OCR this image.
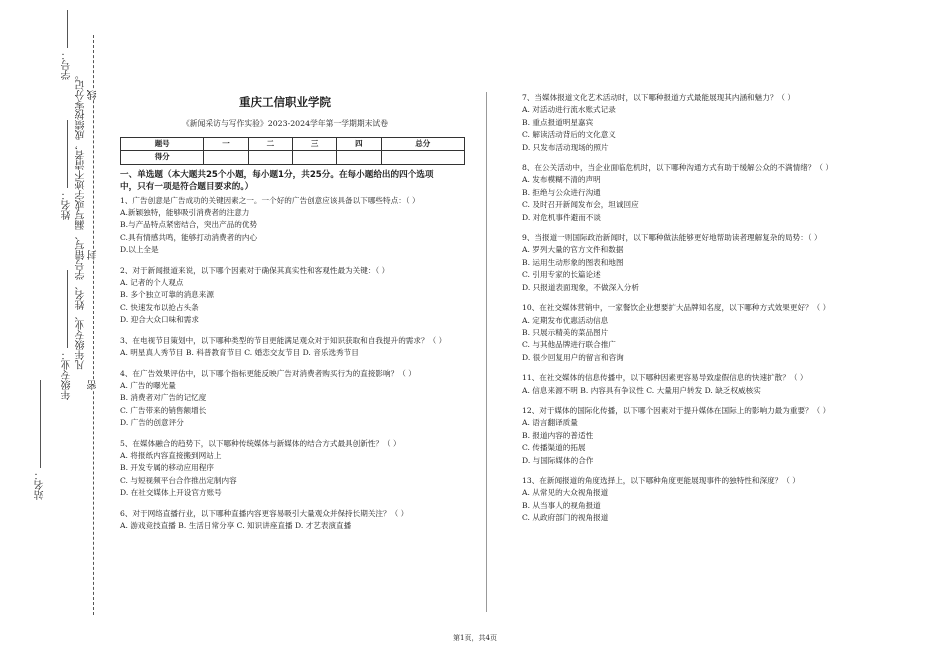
学号：
线
凡年级专业、姓名、学号错写、漏写或字迹不清者，成绩按零分记。 封
姓名：
密
年级专业：
站名：
重庆工信职业学院
《新闻采访与写作实验》2023-2024学年第一学期期末试卷
题号	一	二	三	四	总分
得分					
一、单选题（本大题共25个小题，每小题1分，共25分。在每小题给出的四个选项中，只有一项是符合题目要求的。）
1、广告创意是广告成功的关键因素之一。一个好的广告创意应该具备以下哪些特点：（ ）
A.新颖独特，能够吸引消费者的注意力
B.与产品特点紧密结合，突出产品的优势
C.具有情感共鸣，能够打动消费者的内心
D.以上全是
2、对于新闻报道来说，以下哪个因素对于确保其真实性和客观性最为关键：（ ）
A. 记者的个人观点
B. 多个独立可靠的消息来源
C. 快速发布以抢占头条
D. 迎合大众口味和需求
3、在电视节目策划中，以下哪种类型的节目更能满足观众对于知识获取和自我提升的需求？（ ）
A. 明星真人秀节目 B. 科普教育节目 C. 婚恋交友节目 D. 音乐选秀节目
4、在广告效果评估中，以下哪个指标更能反映广告对消费者购买行为的直接影响？（ ）
A. 广告的曝光量
B. 消费者对广告的记忆度
C. 广告带来的销售额增长
D. 广告的创意评分
5、在媒体融合的趋势下，以下哪种传统媒体与新媒体的结合方式最具创新性？（ ）
A. 将报纸内容直接搬到网站上
B. 开发专属的移动应用程序
C. 与短视频平台合作推出定制内容
D. 在社交媒体上开设官方账号
6、对于网络直播行业，以下哪种直播内容更容易吸引大量观众并保持长期关注？（ ）
A. 游戏竞技直播 B. 生活日常分享 C. 知识讲座直播 D. 才艺表演直播
7、当媒体报道文化艺术活动时，以下哪种报道方式最能展现其内涵和魅力？（ ）
A. 对活动进行流水账式记录
B. 重点报道明星嘉宾
C. 解读活动背后的文化意义
D. 只发布活动现场的照片
8、在公关活动中，当企业面临危机时，以下哪种沟通方式有助于缓解公众的不满情绪？（ ）
A. 发布模糊不清的声明
B. 拒绝与公众进行沟通
C. 及时召开新闻发布会，坦诚回应
D. 对危机事件避而不谈
9、当报道一则国际政治新闻时，以下哪种做法能够更好地帮助读者理解复杂的局势：（ ）
A. 罗列大量的官方文件和数据
B. 运用生动形象的图表和地图
C. 引用专家的长篇论述
D. 只报道表面现象，不做深入分析
10、在社交媒体营销中，一家餐饮企业想要扩大品牌知名度，以下哪种方式效果更好？（ ）
A. 定期发布优惠活动信息
B. 只展示精美的菜品图片
C. 与其他品牌进行联合推广
D. 很少回复用户的留言和咨询
11、在社交媒体的信息传播中，以下哪种因素更容易导致虚假信息的快速扩散？（ ）
A. 信息来源不明 B. 内容具有争议性 C. 大量用户转发 D. 缺乏权威核实
12、对于媒体的国际化传播，以下哪个因素对于提升媒体在国际上的影响力最为重要？（ ）
A. 语言翻译质量
B. 报道内容的普适性
C. 传播渠道的拓展
D. 与国际媒体的合作
13、在新闻报道的角度选择上，以下哪种角度更能展现事件的独特性和深度？（ ）
A. 从常见的大众视角报道
B. 从当事人的视角报道
C. 从政府部门的视角报道
第1页，共4页
